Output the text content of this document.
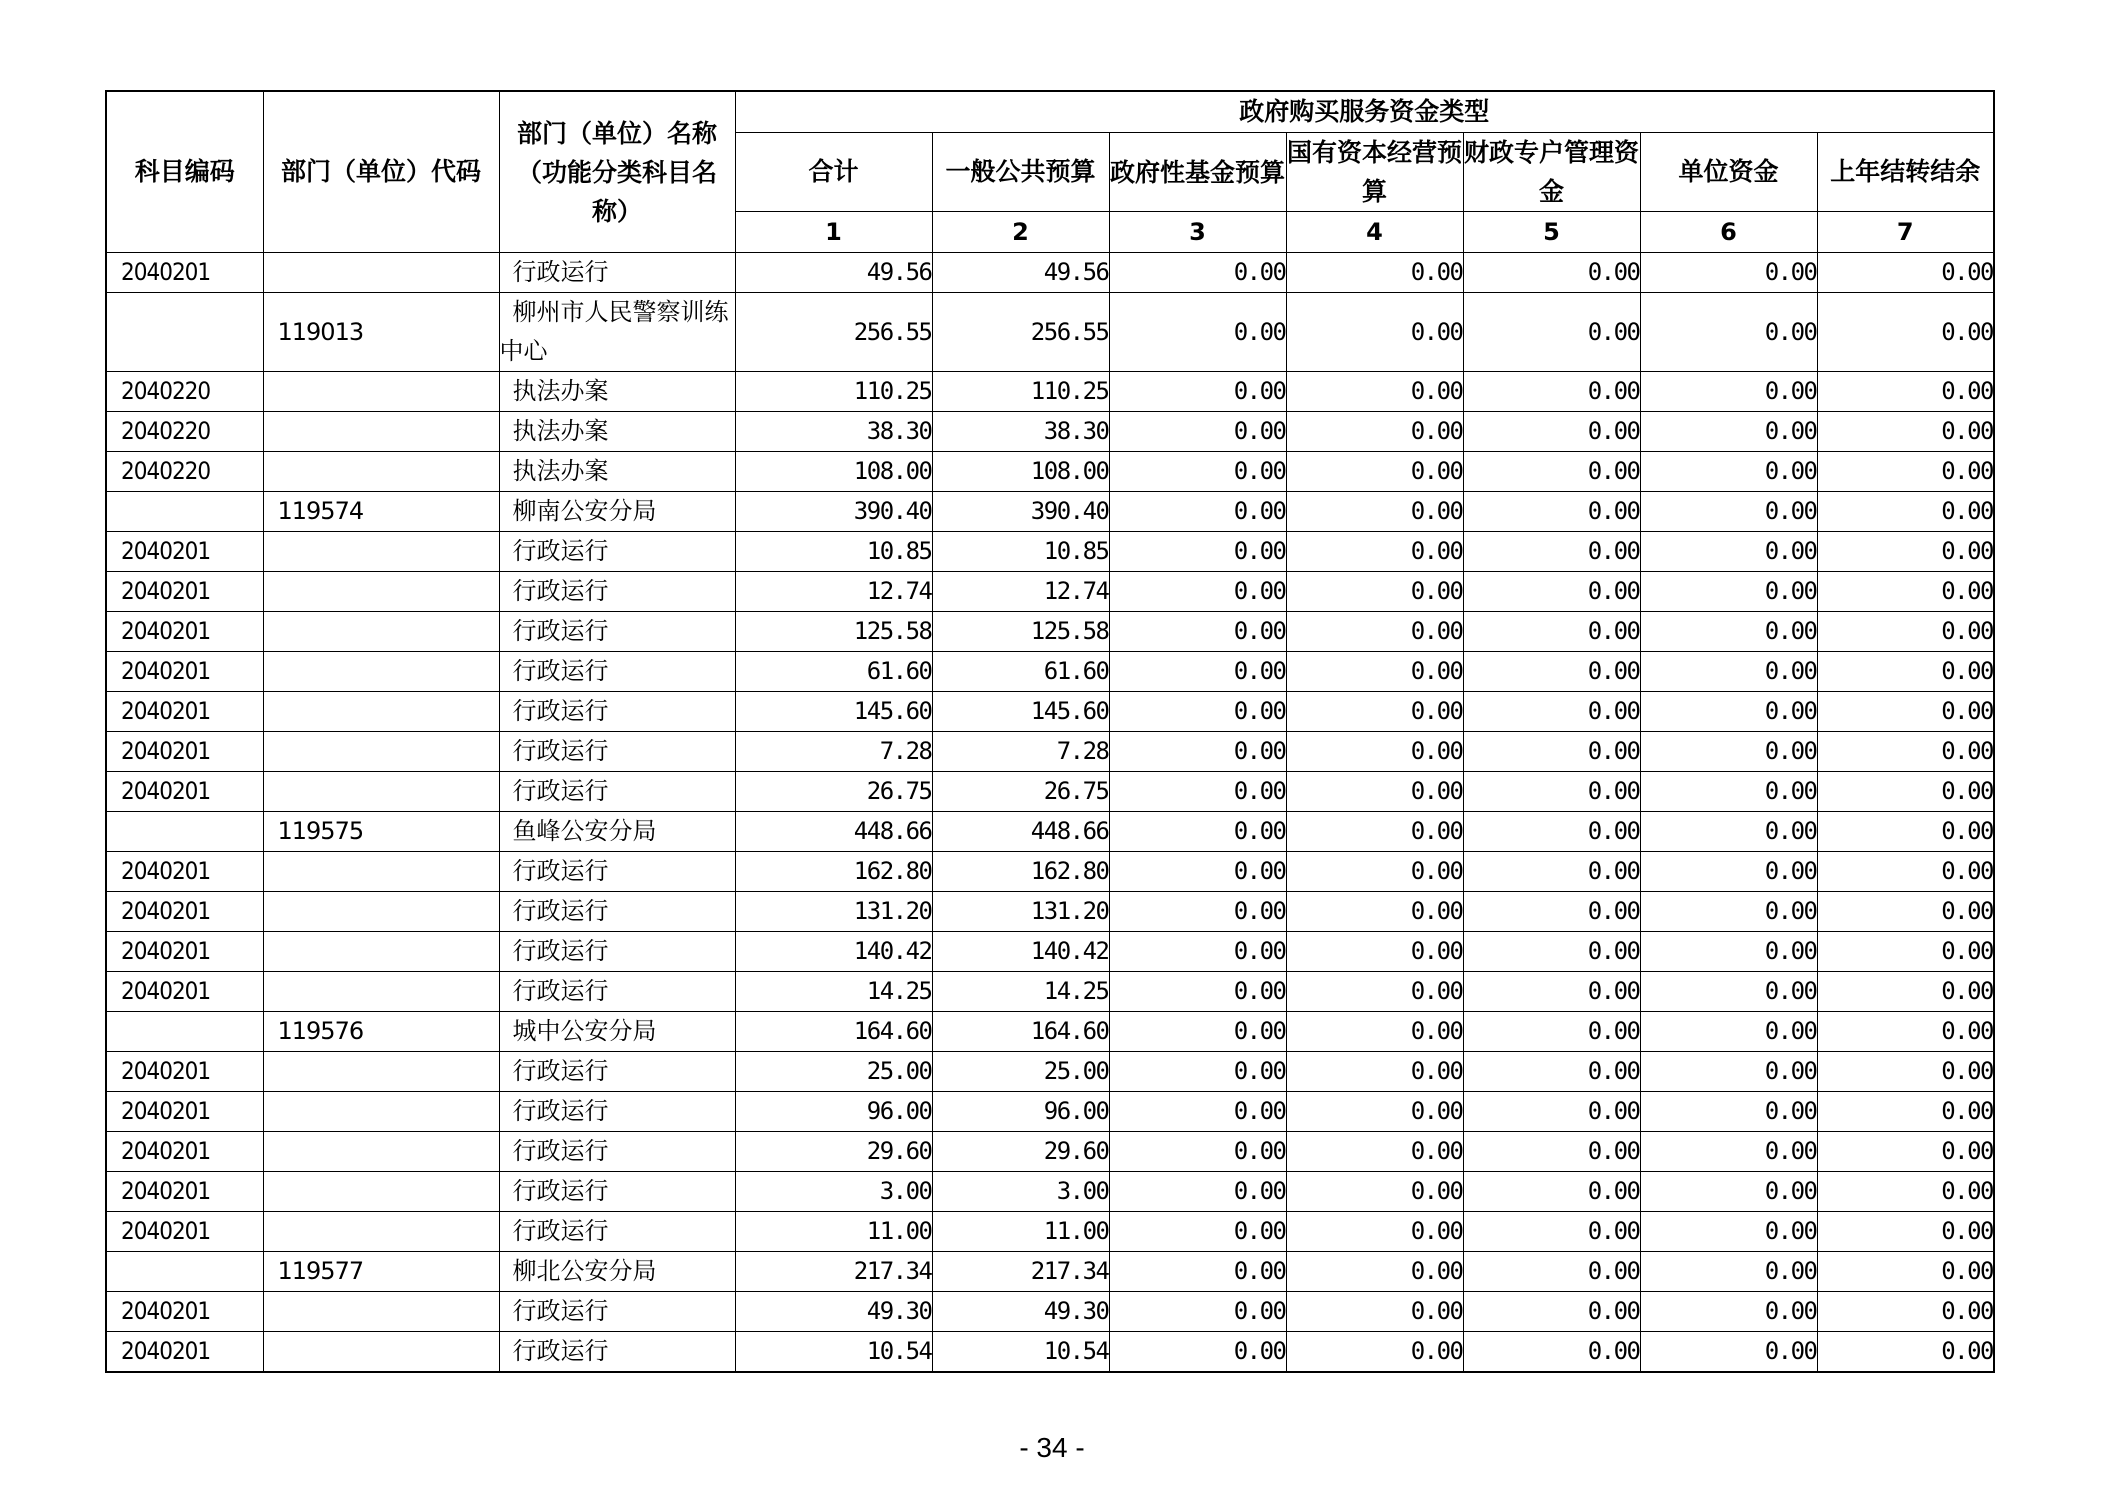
科目编码	部门（单位）代码	部门（单位）名称（功能分类科目名称）	政府购买服务资金类型						
			合计	一般公共预算	政府性基金预算	国有资本经营预算	财政专户管理资金	单位资金	上年结转结余
			1	2	3	4	5	6	7
2040201		行政运行	49.56	49.56	0.00	0.00	0.00	0.00	0.00
	119013	柳州市人民警察训练中心	256.55	256.55	0.00	0.00	0.00	0.00	0.00
2040220		执法办案	110.25	110.25	0.00	0.00	0.00	0.00	0.00
2040220		执法办案	38.30	38.30	0.00	0.00	0.00	0.00	0.00
2040220		执法办案	108.00	108.00	0.00	0.00	0.00	0.00	0.00
	119574	柳南公安分局	390.40	390.40	0.00	0.00	0.00	0.00	0.00
2040201		行政运行	10.85	10.85	0.00	0.00	0.00	0.00	0.00
2040201		行政运行	12.74	12.74	0.00	0.00	0.00	0.00	0.00
2040201		行政运行	125.58	125.58	0.00	0.00	0.00	0.00	0.00
2040201		行政运行	61.60	61.60	0.00	0.00	0.00	0.00	0.00
2040201		行政运行	145.60	145.60	0.00	0.00	0.00	0.00	0.00
2040201		行政运行	7.28	7.28	0.00	0.00	0.00	0.00	0.00
2040201		行政运行	26.75	26.75	0.00	0.00	0.00	0.00	0.00
	119575	鱼峰公安分局	448.66	448.66	0.00	0.00	0.00	0.00	0.00
2040201		行政运行	162.80	162.80	0.00	0.00	0.00	0.00	0.00
2040201		行政运行	131.20	131.20	0.00	0.00	0.00	0.00	0.00
2040201		行政运行	140.42	140.42	0.00	0.00	0.00	0.00	0.00
2040201		行政运行	14.25	14.25	0.00	0.00	0.00	0.00	0.00
	119576	城中公安分局	164.60	164.60	0.00	0.00	0.00	0.00	0.00
2040201		行政运行	25.00	25.00	0.00	0.00	0.00	0.00	0.00
2040201		行政运行	96.00	96.00	0.00	0.00	0.00	0.00	0.00
2040201		行政运行	29.60	29.60	0.00	0.00	0.00	0.00	0.00
2040201		行政运行	3.00	3.00	0.00	0.00	0.00	0.00	0.00
2040201		行政运行	11.00	11.00	0.00	0.00	0.00	0.00	0.00
	119577	柳北公安分局	217.34	217.34	0.00	0.00	0.00	0.00	0.00
2040201		行政运行	49.30	49.30	0.00	0.00	0.00	0.00	0.00
2040201		行政运行	10.54	10.54	0.00	0.00	0.00	0.00	0.00
- 34 -
